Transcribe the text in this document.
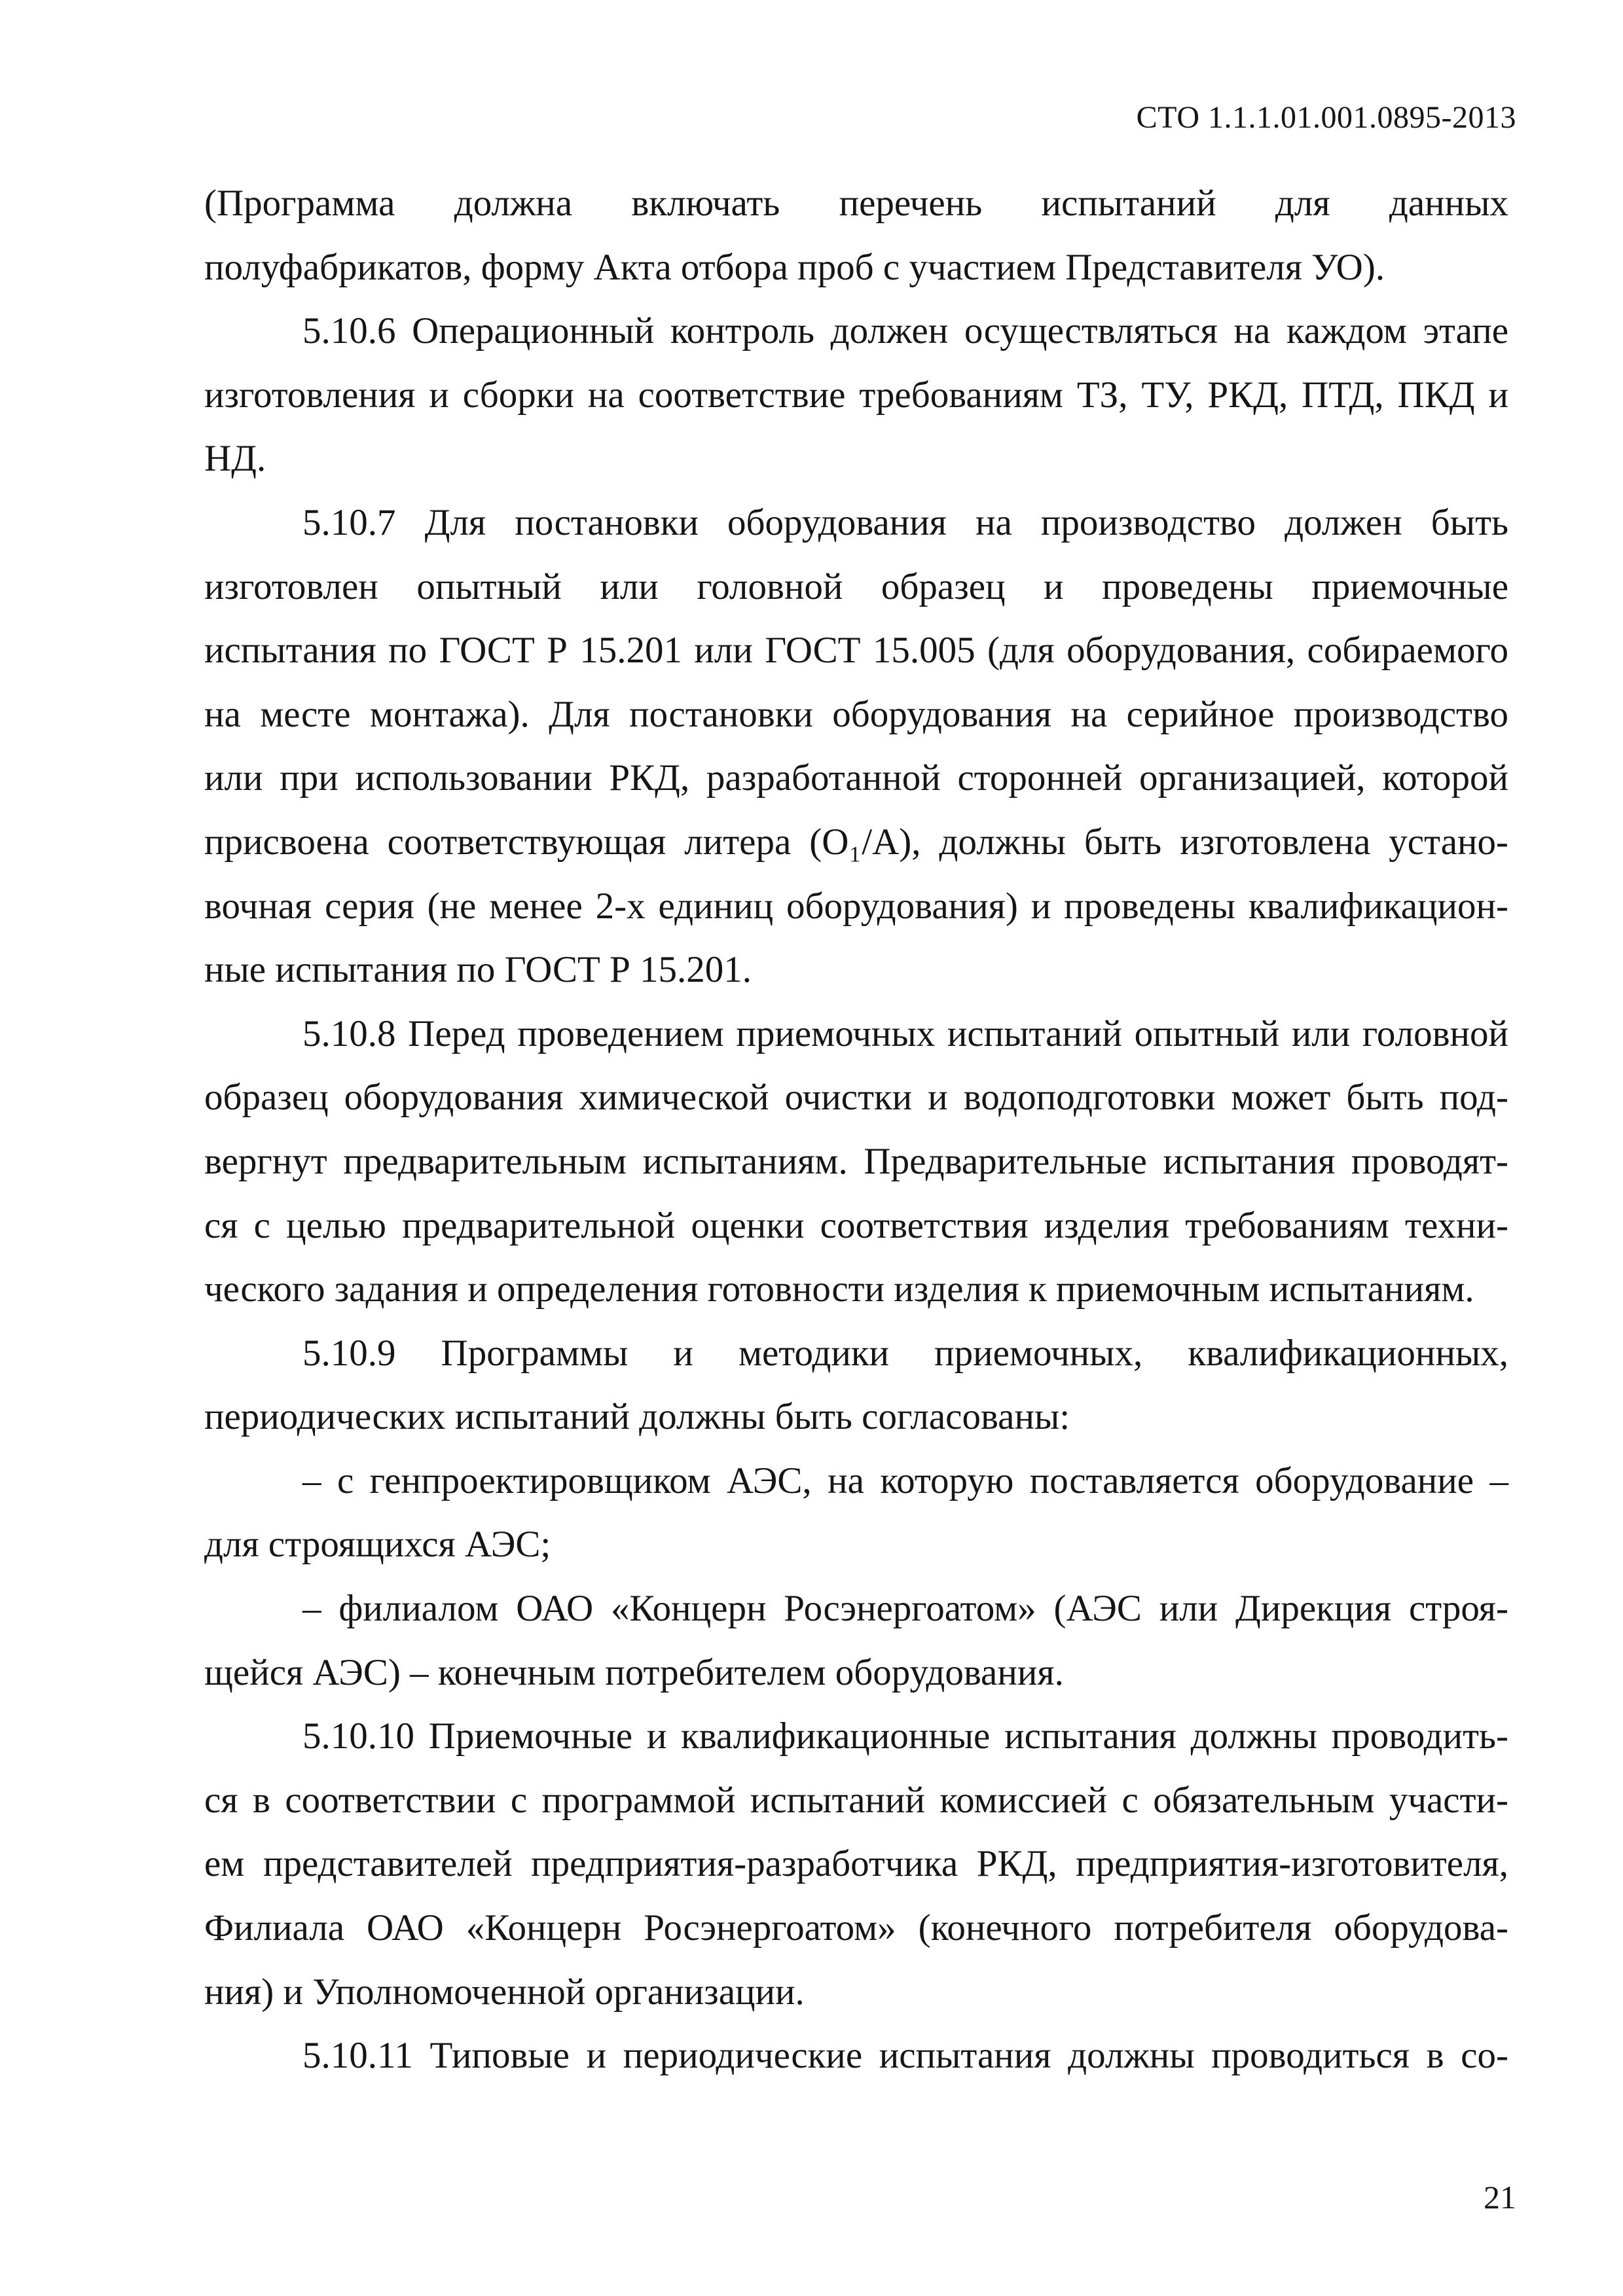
СТО 1.1.1.01.001.0895-2013
(Программа должна включать перечень испытаний для данных
полуфабрикатов, форму Акта отбора проб с участием Представителя УО).
5.10.6 Операционный контроль должен осуществляться на каждом этапе
изготовления и сборки на соответствие требованиям ТЗ, ТУ, РКД, ПТД, ПКД и
НД.
5.10.7 Для постановки оборудования на производство должен быть
изготовлен опытный или головной образец и проведены приемочные
испытания по ГОСТ Р 15.201 или ГОСТ 15.005 (для оборудования, собираемого
на месте монтажа). Для постановки оборудования на серийное производство
или при использовании РКД, разработанной сторонней организацией, которой
присвоена соответствующая литера (О₁/А), должны быть изготовлена устано-
вочная серия (не менее 2-х единиц оборудования) и проведены квалификацион-
ные испытания по ГОСТ Р 15.201.
5.10.8 Перед проведением приемочных испытаний опытный или головной
образец оборудования химической очистки и водоподготовки может быть под-
вергнут предварительным испытаниям. Предварительные испытания проводят-
ся с целью предварительной оценки соответствия изделия требованиям техни-
ческого задания и определения готовности изделия к приемочным испытаниям.
5.10.9 Программы и методики приемочных, квалификационных,
периодических испытаний должны быть согласованы:
– с генпроектировщиком АЭС, на которую поставляется оборудование –
для строящихся АЭС;
– филиалом ОАО «Концерн Росэнергоатом» (АЭС или Дирекция строя-
щейся АЭС) – конечным потребителем оборудования.
5.10.10 Приемочные и квалификационные испытания должны проводить-
ся в соответствии с программой испытаний комиссией с обязательным участи-
ем представителей предприятия-разработчика РКД, предприятия-изготовителя,
Филиала ОАО «Концерн Росэнергоатом» (конечного потребителя оборудова-
ния) и Уполномоченной организации.
5.10.11 Типовые и периодические испытания должны проводиться в со-
21
